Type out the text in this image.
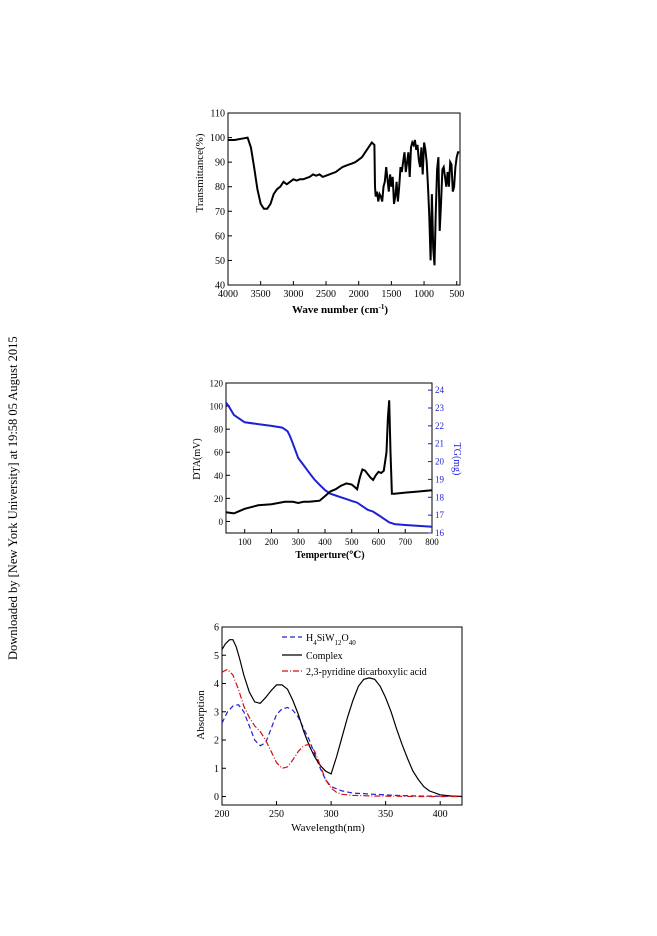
Downloaded by [New York University] at 19:58 05 August 2015
4000 3500 3000 2500 2000 1500 1000 500
40
50
60
70
80
90
100
110
Transmittance(%)
Wave number $(cm^{-1})$
100 200 300 400 500 600 700 800
0
20
40
60
80
100
120
16
17
18
19
20
21
22
23
24
DTA(mV)	TG(mg)
Temperture(℃)
200	250	300	350	400
0
1
2
3
4
5
6
Absorption
Wavelength(nm)
$H_4SiW_{12}O_{40}$
Complex
2,3-pyridine dicarboxylic acid
